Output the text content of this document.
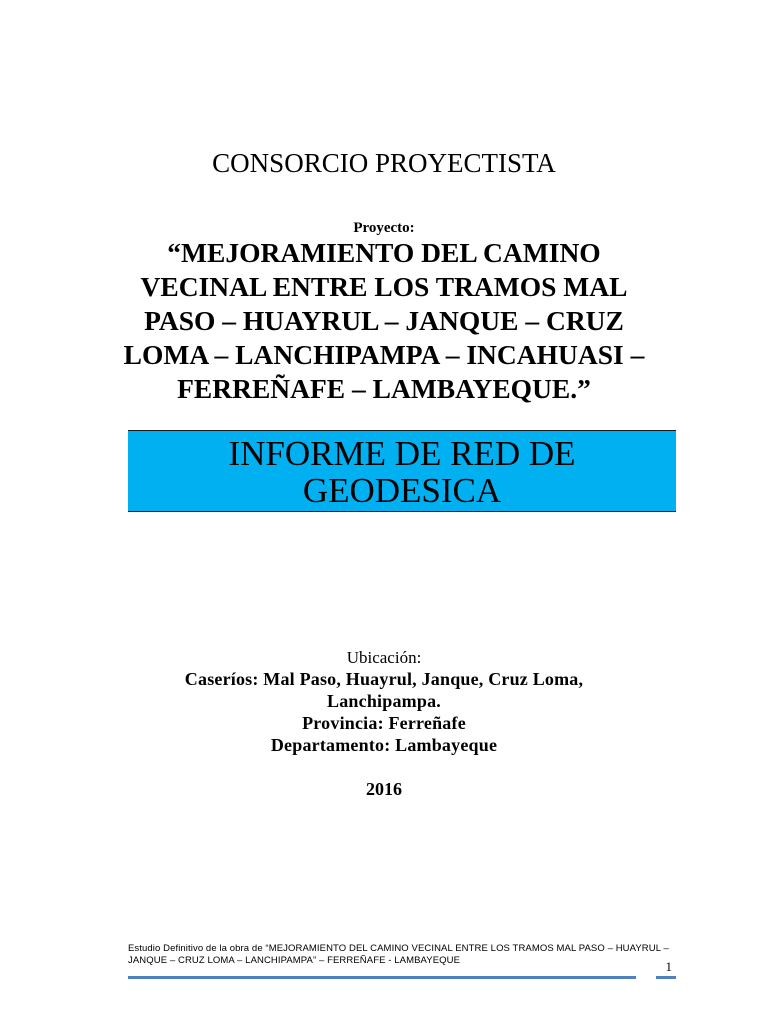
CONSORCIO PROYECTISTA
Proyecto:
“MEJORAMIENTO DEL CAMINO VECINAL ENTRE LOS TRAMOS MAL PASO – HUAYRUL – JANQUE – CRUZ LOMA – LANCHIPAMPA – INCAHUASI – FERREÑAFE – LAMBAYEQUE.”
INFORME DE RED DE
GEODESICA
Ubicación:
Caseríos: Mal Paso, Huayrul, Janque, Cruz Loma,
Lanchipampa.
Provincia: Ferreñafe
Departamento: Lambayeque
2016
Estudio Definitivo de la obra de “MEJORAMIENTO DEL CAMINO VECINAL ENTRE LOS TRAMOS MAL PASO – HUAYRUL – JANQUE – CRUZ LOMA – LANCHIPAMPA” – FERREÑAFE - LAMBAYEQUE	1
